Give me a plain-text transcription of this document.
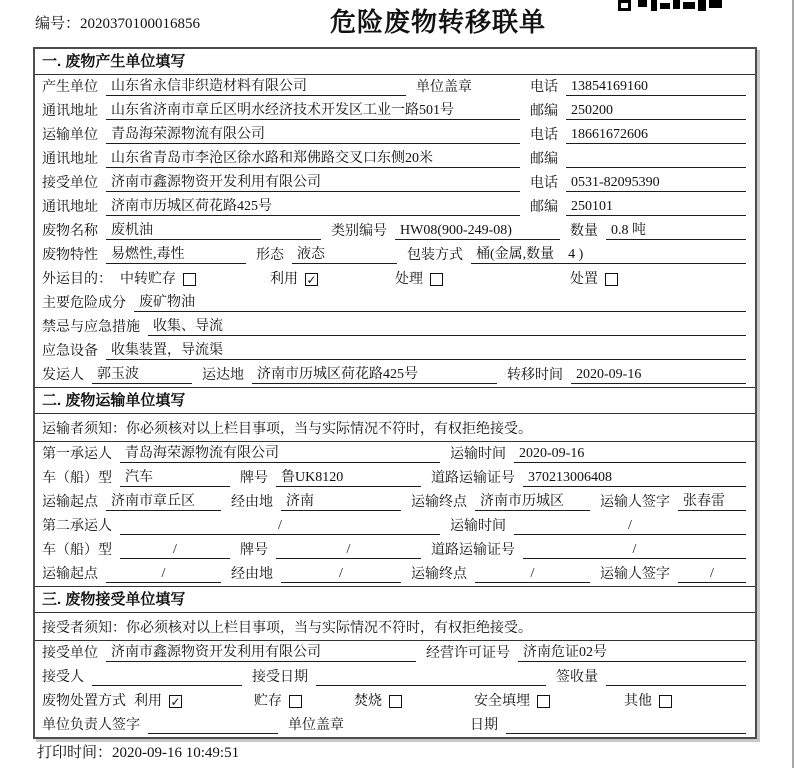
编号：2020370100016856	危险废物转移联单
一. 废物产生单位填写
产生单位 山东省永信非织造材料有限公司	单位盖章	电话 13854169160
通讯地址 山东省济南市章丘区明水经济技术开发区工业一路501号	邮编 250200
运输单位 青岛海荣源物流有限公司	电话 18661672606
通讯地址 山东省青岛市李沧区徐水路和郑佛路交叉口东侧20米	邮编
接受单位 济南市鑫源物资开发利用有限公司	电话 0531-82095390
通讯地址 济南市历城区荷花路425号	邮编 250101
废物名称 废机油	类别编号 HW08(900-249-08)	数量 0.8 吨
废物特性 易燃性,毒性	形态 液态	包装方式 桶(金属,数量　4 )
外运目的： 中转贮存	利用 ✓	处理	处置
主要危险成分 废矿物油
禁忌与应急措施 收集、导流
应急设备 收集装置，导流渠
发运人 郭玉波	运达地 济南市历城区荷花路425号	转移时间 2020-09-16
二. 废物运输单位填写
运输者须知：你必须核对以上栏目事项，当与实际情况不符时，有权拒绝接受。
第一承运人 青岛海荣源物流有限公司	运输时间 2020-09-16
车（船）型 汽车	牌号 鲁UK8120	道路运输证号 370213006408
运输起点 济南市章丘区	经由地 济南	运输终点 济南市历城区	运输人签字 张春雷
第二承运人	/	运输时间	/
车（船）型	/	牌号	/	道路运输证号	/
运输起点	/	经由地	/	运输终点	/	运输人签字	/
三. 废物接受单位填写
接受者须知：你必须核对以上栏目事项，当与实际情况不符时，有权拒绝接受。
接受单位 济南市鑫源物资开发利用有限公司	经营许可证号 济南危证02号
接受人	接受日期	签收量
废物处置方式 利用 ✓	贮存	焚烧	安全填埋	其他
单位负责人签字	单位盖章	日期
打印时间：2020-09-16 10:49:51
